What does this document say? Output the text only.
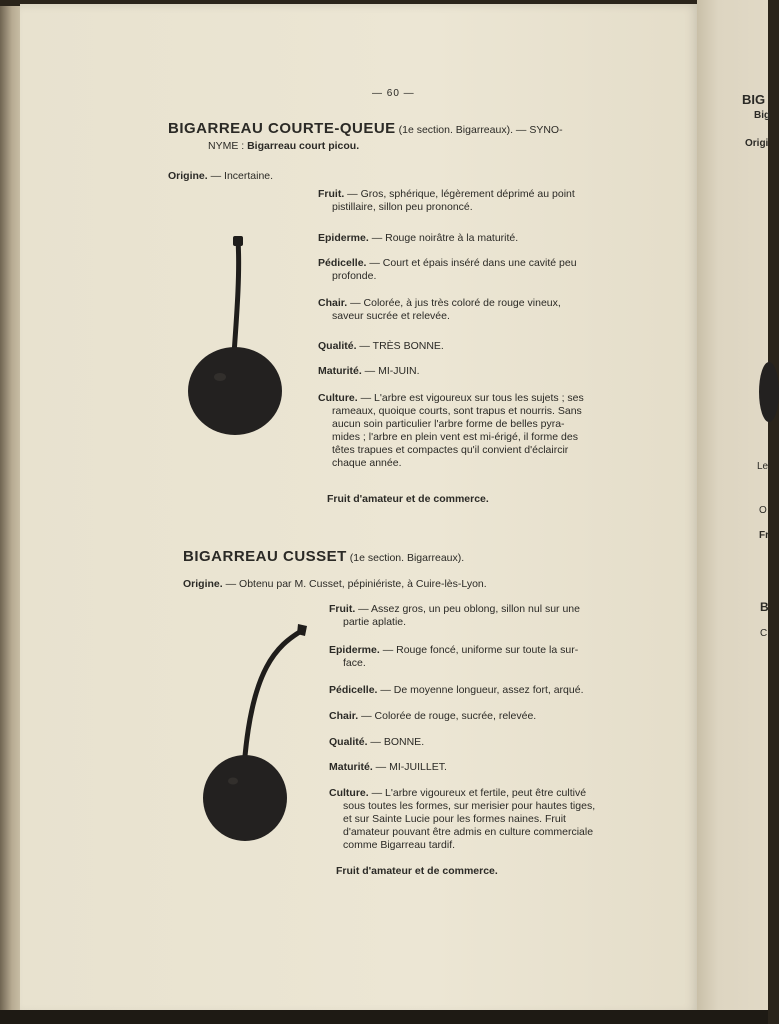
— 60 —
BIGARREAU COURTE-QUEUE (1e section. Bigarreaux). — SYNO-
NYME : Bigarreau court picou.
Origine. — Incertaine.
Fruit. — Gros, sphérique, légèrement déprimé au point
pistillaire, sillon peu prononcé.
Epiderme. — Rouge noirâtre à la maturité.
Pédicelle. — Court et épais inséré dans une cavité peu
profonde.
Chair. — Colorée, à jus très coloré de rouge vineux,
saveur sucrée et relevée.
Qualité. — TRÈS BONNE.
Maturité. — MI-JUIN.
Culture. — L'arbre est vigoureux sur tous les sujets ; ses
rameaux, quoique courts, sont trapus et nourris. Sans
aucun soin particulier l'arbre forme de belles pyra-
mides ; l'arbre en plein vent est mi-érigé, il forme des
têtes trapues et compactes qu'il convient d'éclaircir
chaque année.
Fruit d'amateur et de commerce.
BIGARREAU CUSSET (1e section. Bigarreaux).
Origine. — Obtenu par M. Cusset, pépiniériste, à Cuire-lès-Lyon.
Fruit. — Assez gros, un peu oblong, sillon nul sur une
partie aplatie.
Epiderme. — Rouge foncé, uniforme sur toute la sur-
face.
Pédicelle. — De moyenne longueur, assez fort, arqué.
Chair. — Colorée de rouge, sucrée, relevée.
Qualité. — BONNE.
Maturité. — MI-JUILLET.
Culture. — L'arbre vigoureux et fertile, peut être cultivé
sous toutes les formes, sur merisier pour hautes tiges,
et sur Sainte Lucie pour les formes naines. Fruit
d'amateur pouvant être admis en culture commerciale
comme Bigarreau tardif.
Fruit d'amateur et de commerce.
BIG
Big
Origi
Le
O
Fr
B
C
